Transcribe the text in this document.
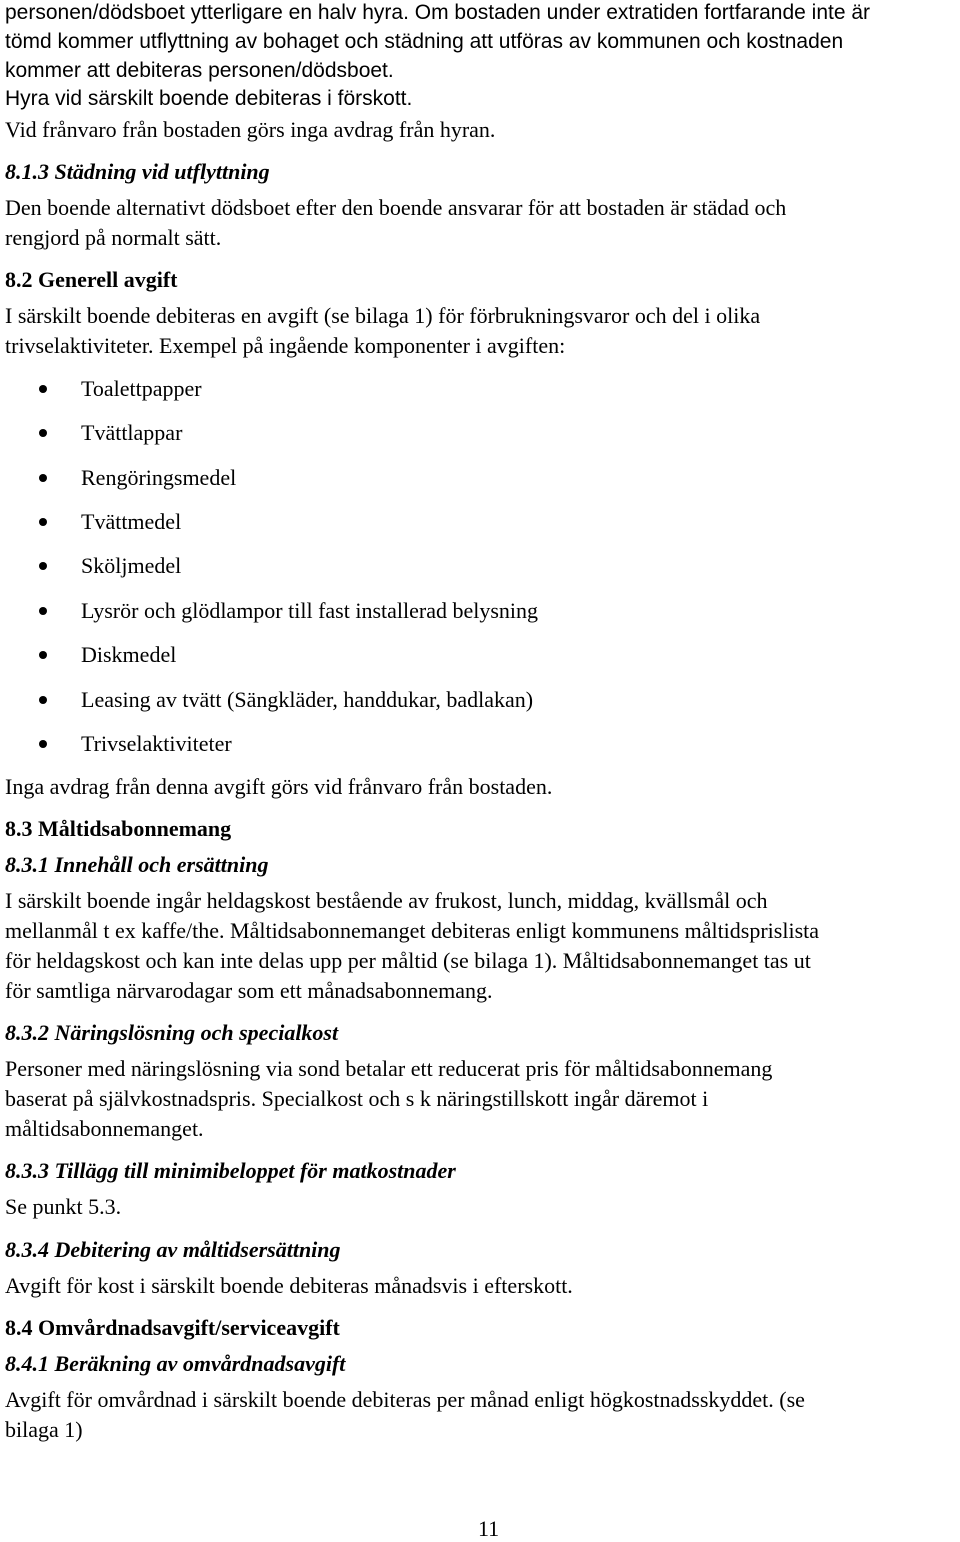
personen/dödsboet ytterligare en halv hyra. Om bostaden under extratiden fortfarande inte är
tömd kommer utflyttning av bohaget och städning att utföras av kommunen och kostnaden
kommer att debiteras personen/dödsboet.
Hyra vid särskilt boende debiteras i förskott.
Vid frånvaro från bostaden görs inga avdrag från hyran.
8.1.3 Städning vid utflyttning
Den boende alternativt dödsboet efter den boende ansvarar för att bostaden är städad och
rengjord på normalt sätt.
8.2 Generell avgift
I särskilt boende debiteras en avgift (se bilaga 1) för förbrukningsvaror och del i olika
trivselaktiviteter. Exempel på ingående komponenter i avgiften:
Toalettpapper
Tvättlappar
Rengöringsmedel
Tvättmedel
Sköljmedel
Lysrör och glödlampor till fast installerad belysning
Diskmedel
Leasing av tvätt (Sängkläder, handdukar, badlakan)
Trivselaktiviteter
Inga avdrag från denna avgift görs vid frånvaro från bostaden.
8.3 Måltidsabonnemang
8.3.1 Innehåll och ersättning
I särskilt boende ingår heldagskost bestående av frukost, lunch, middag, kvällsmål och
mellanmål t ex kaffe/the. Måltidsabonnemanget debiteras enligt kommunens måltidsprislista
för heldagskost och kan inte delas upp per måltid (se bilaga 1). Måltidsabonnemanget tas ut
för samtliga närvarodagar som ett månadsabonnemang.
8.3.2 Näringslösning och specialkost
Personer med näringslösning via sond betalar ett reducerat pris för måltidsabonnemang
baserat på självkostnadspris. Specialkost och s k näringstillskott ingår däremot i
måltidsabonnemanget.
8.3.3 Tillägg till minimibeloppet för matkostnader
Se punkt 5.3.
8.3.4 Debitering av måltidsersättning
Avgift för kost i särskilt boende debiteras månadsvis i efterskott.
8.4 Omvårdnadsavgift/serviceavgift
8.4.1 Beräkning av omvårdnadsavgift
Avgift för omvårdnad i särskilt boende debiteras per månad enligt högkostnadsskyddet. (se
bilaga 1)
11
